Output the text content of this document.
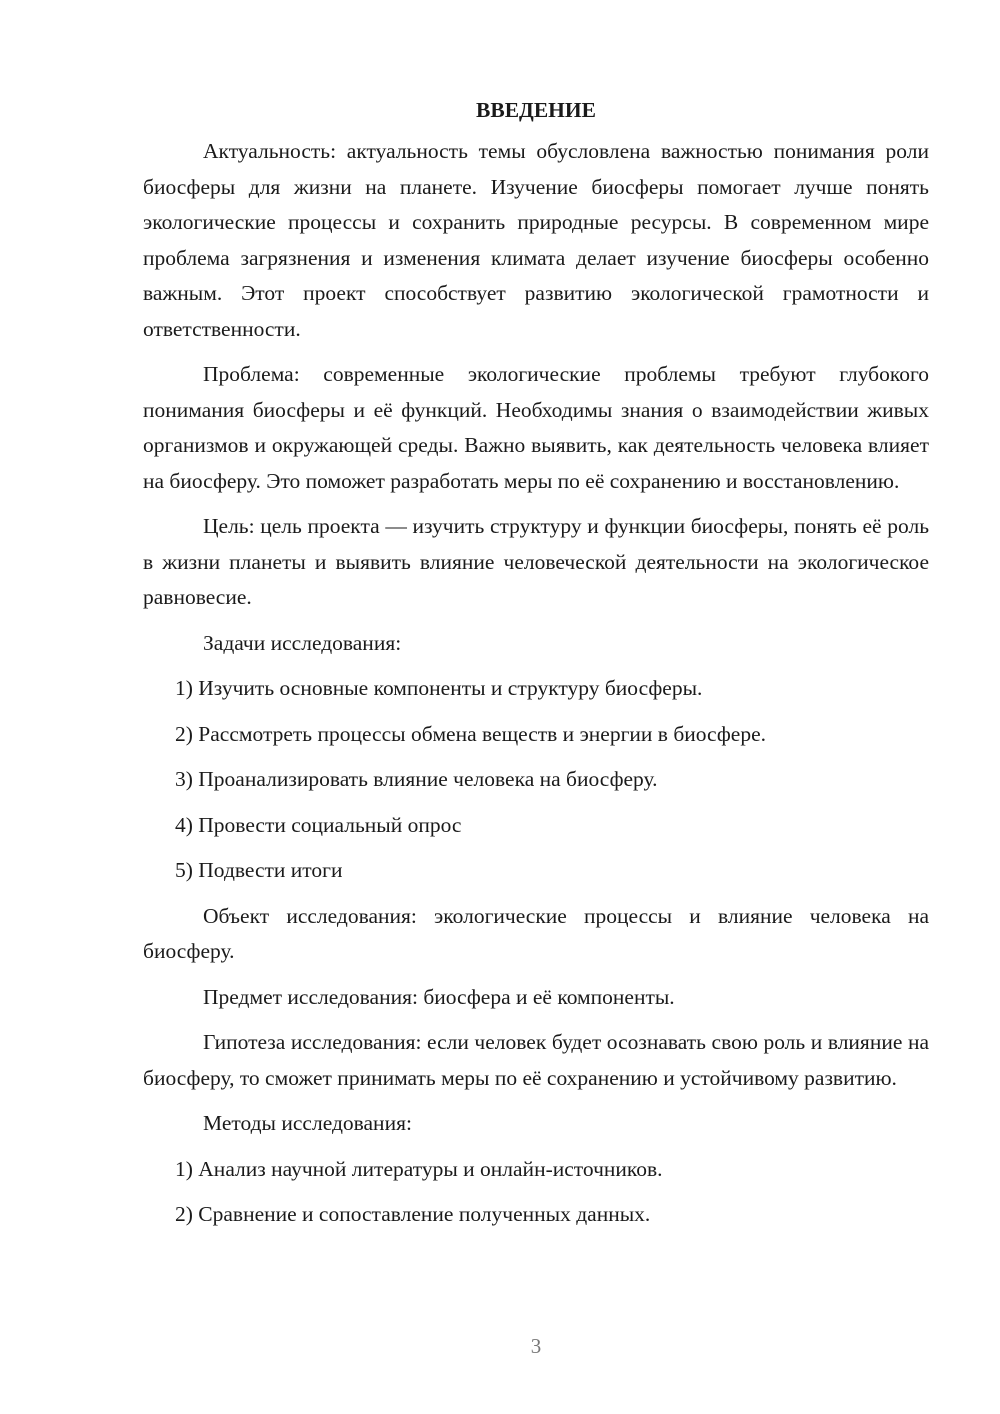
ВВЕДЕНИЕ

Актуальность: актуальность темы обусловлена важностью понимания роли биосферы для жизни на планете. Изучение биосферы помогает лучше понять экологические процессы и сохранить природные ресурсы. В современном мире проблема загрязнения и изменения климата делает изучение биосферы особенно важным. Этот проект способствует развитию экологической грамотности и ответственности.

Проблема: современные экологические проблемы требуют глубокого понимания биосферы и её функций. Необходимы знания о взаимодействии живых организмов и окружающей среды. Важно выявить, как деятельность человека влияет на биосферу. Это поможет разработать меры по её сохранению и восстановлению.

Цель: цель проекта — изучить структуру и функции биосферы, понять её роль в жизни планеты и выявить влияние человеческой деятельности на экологическое равновесие.

Задачи исследования:
1) Изучить основные компоненты и структуру биосферы.
2) Рассмотреть процессы обмена веществ и энергии в биосфере.
3) Проанализировать влияние человека на биосферу.
4) Провести социальный опрос
5) Подвести итоги

Объект исследования: экологические процессы и влияние человека на биосферу.

Предмет исследования: биосфера и её компоненты.

Гипотеза исследования: если человек будет осознавать свою роль и влияние на биосферу, то сможет принимать меры по её сохранению и устойчивому развитию.

Методы исследования:
1) Анализ научной литературы и онлайн-источников.
2) Сравнение и сопоставление полученных данных.
3
